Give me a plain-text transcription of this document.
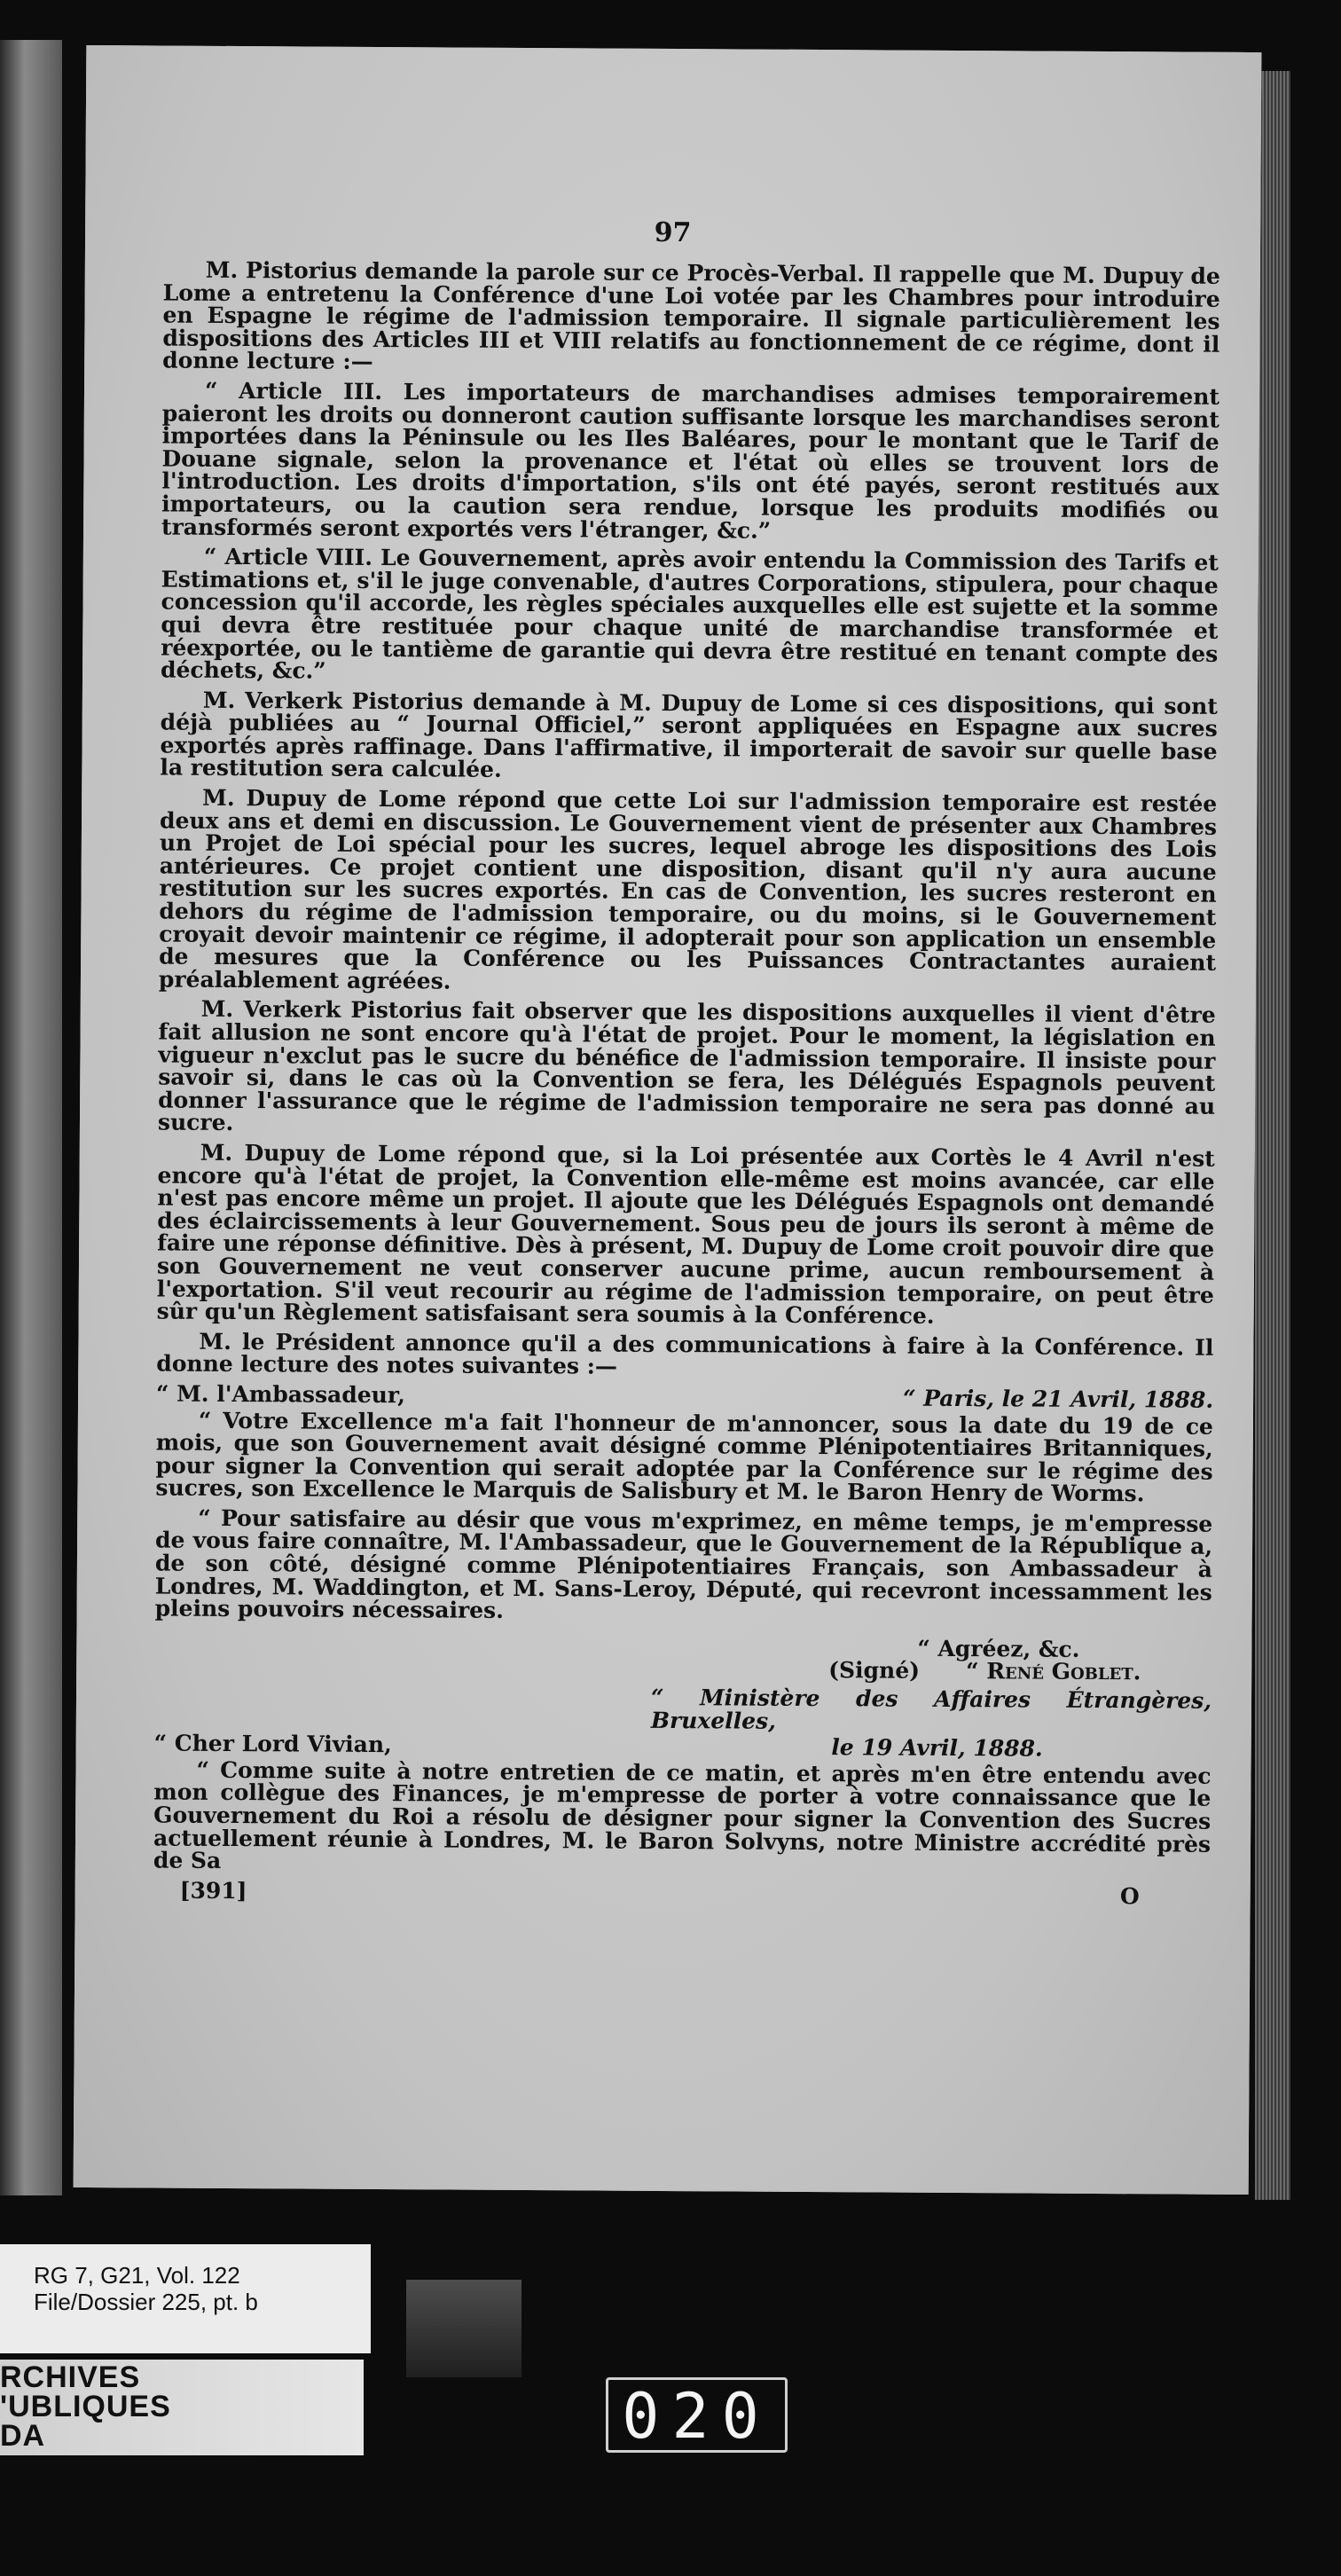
97

M. Pistorius demande la parole sur ce Procès-Verbal. Il rappelle que M. Dupuy de Lome a entretenu la Conférence d'une Loi votée par les Chambres pour introduire en Espagne le régime de l'admission temporaire. Il signale particulièrement les dispositions des Articles III et VIII relatifs au fonctionnement de ce régime, dont il donne lecture :—

“ Article III. Les importateurs de marchandises admises temporairement paieront les droits ou donneront caution suffisante lorsque les marchandises seront importées dans la Péninsule ou les Iles Baléares, pour le montant que le Tarif de Douane signale, selon la provenance et l'état où elles se trouvent lors de l'introduction. Les droits d'importation, s'ils ont été payés, seront restitués aux importateurs, ou la caution sera rendue, lorsque les produits modifiés ou transformés seront exportés vers l'étranger, &c.”

“ Article VIII. Le Gouvernement, après avoir entendu la Commission des Tarifs et Estimations et, s'il le juge convenable, d'autres Corporations, stipulera, pour chaque concession qu'il accorde, les règles spéciales auxquelles elle est sujette et la somme qui devra être restituée pour chaque unité de marchandise transformée et réexportée, ou le tantième de garantie qui devra être restitué en tenant compte des déchets, &c.”

M. Verkerk Pistorius demande à M. Dupuy de Lome si ces dispositions, qui sont déjà publiées au “ Journal Officiel,” seront appliquées en Espagne aux sucres exportés après raffinage. Dans l'affirmative, il importerait de savoir sur quelle base la restitution sera calculée.

M. Dupuy de Lome répond que cette Loi sur l'admission temporaire est restée deux ans et demi en discussion. Le Gouvernement vient de présenter aux Chambres un Projet de Loi spécial pour les sucres, lequel abroge les dispositions des Lois antérieures. Ce projet contient une disposition, disant qu'il n'y aura aucune restitution sur les sucres exportés. En cas de Convention, les sucres resteront en dehors du régime de l'admission temporaire, ou du moins, si le Gouvernement croyait devoir maintenir ce régime, il adopterait pour son application un ensemble de mesures que la Conférence ou les Puissances Contractantes auraient préalablement agréées.

M. Verkerk Pistorius fait observer que les dispositions auxquelles il vient d'être fait allusion ne sont encore qu'à l'état de projet. Pour le moment, la législation en vigueur n'exclut pas le sucre du bénéfice de l'admission temporaire. Il insiste pour savoir si, dans le cas où la Convention se fera, les Délégués Espagnols peuvent donner l'assurance que le régime de l'admission temporaire ne sera pas donné au sucre.

M. Dupuy de Lome répond que, si la Loi présentée aux Cortès le 4 Avril n'est encore qu'à l'état de projet, la Convention elle-même est moins avancée, car elle n'est pas encore même un projet. Il ajoute que les Délégués Espagnols ont demandé des éclaircissements à leur Gouvernement. Sous peu de jours ils seront à même de faire une réponse définitive. Dès à présent, M. Dupuy de Lome croit pouvoir dire que son Gouvernement ne veut conserver aucune prime, aucun remboursement à l'exportation. S'il veut recourir au régime de l'admission temporaire, on peut être sûr qu'un Règlement satisfaisant sera soumis à la Conférence.

M. le Président annonce qu'il a des communications à faire à la Conférence. Il donne lecture des notes suivantes :—

“ M. l'Ambassadeur,	“ Paris, le 21 Avril, 1888.

“ Votre Excellence m'a fait l'honneur de m'annoncer, sous la date du 19 de ce mois, que son Gouvernement avait désigné comme Plénipotentiaires Britanniques, pour signer la Convention qui serait adoptée par la Conférence sur le régime des sucres, son Excellence le Marquis de Salisbury et M. le Baron Henry de Worms.

“ Pour satisfaire au désir que vous m'exprimez, en même temps, je m'empresse de vous faire connaître, M. l'Ambassadeur, que le Gouvernement de la République a, de son côté, désigné comme Plénipotentiaires Français, son Ambassadeur à Londres, M. Waddington, et M. Sans-Leroy, Député, qui recevront incessamment les pleins pouvoirs nécessaires.

“ Agréez, &c.
(Signé) “ René Goblet.
“ Ministère des Affaires Étrangères, Bruxelles,
“ Cher Lord Vivian,	le 19 Avril, 1888.

“ Comme suite à notre entretien de ce matin, et après m'en être entendu avec mon collègue des Finances, je m'empresse de porter à votre connaissance que le Gouvernement du Roi a résolu de désigner pour signer la Convention des Sucres actuellement réunie à Londres, M. le Baron Solvyns, notre Ministre accrédité près de Sa

[391]	O
RG 7, G21, Vol. 122
File/Dossier 225, pt. b
RCHIVES
'UBLIQUES
DA	020
